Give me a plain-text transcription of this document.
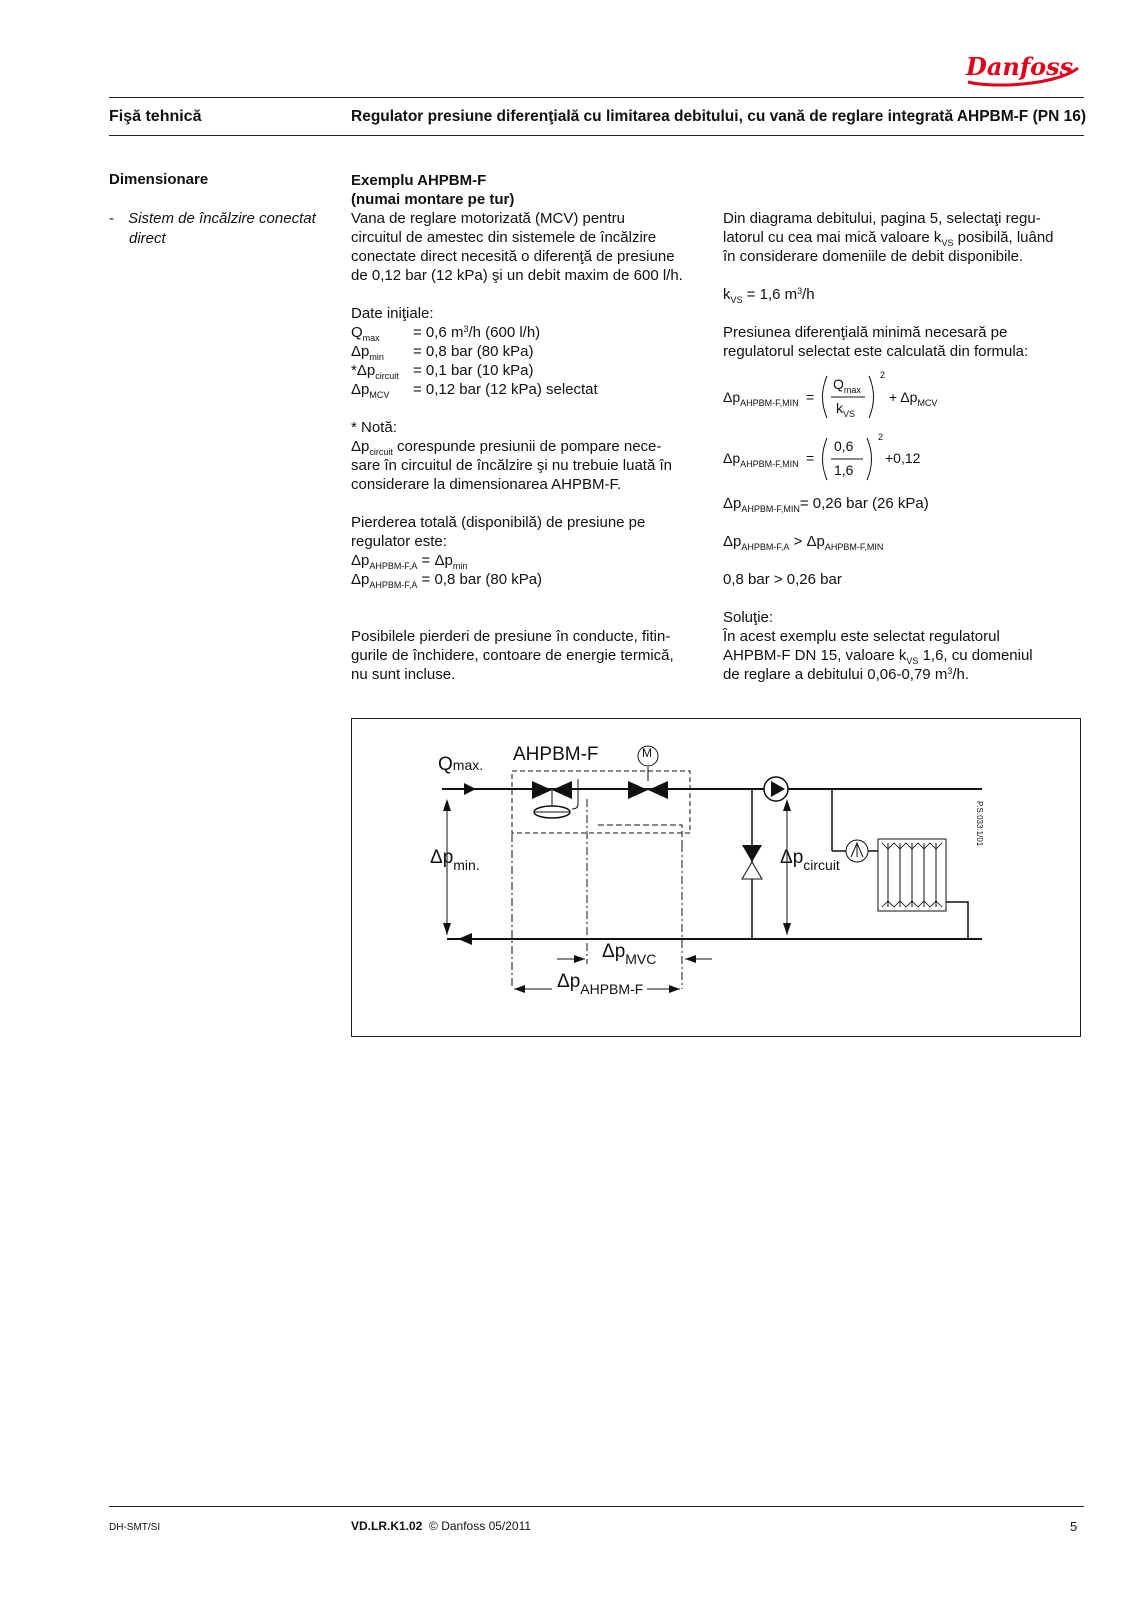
Danfoss
Fişă tehnică	Regulator presiune diferenţială cu limitarea debitului, cu vană de reglare integrată AHPBM-F (PN 16)
Dimensionare
- Sistem de încălzire conectat
direct
Exemplu AHPBM-F
(numai montare pe tur)
Vana de reglare motorizată (MCV) pentru
circuitul de amestec din sistemele de încălzire
conectate direct necesită o diferenţă de presiune
de 0,12 bar (12 kPa) şi un debit maxim de 600 l/h.
Date iniţiale:
$Q_{max} = 0,6$ $m^3/h$ (600 l/h)
$\Delta p_{min} = 0,8$ bar (80 kPa)
$*\Delta p_{circuit} = 0,1$ bar (10 kPa)
$\Delta p_{MCV} = 0,12$ bar (12 kPa) selectat
* Notă:
$\Delta p_{circuit}$ corespunde presiunii de pompare nece-
sare în circuitul de încălzire şi nu trebuie luată în
considerare la dimensionarea AHPBM-F.
Pierderea totală (disponibilă) de presiune pe
regulator este:
$\Delta p_{AHPBM-F,A} = \Delta p_{min}$
$\Delta p_{AHPBM-F,A} = 0,8$ bar (80 kPa)
Posibilele pierderi de presiune în conducte, fitin-
gurile de închidere, contoare de energie termică,
nu sunt incluse.
Din diagrama debitului, pagina 5, selectaţi regu-
latorul cu cea mai mică valoare $k_{VS}$ posibilă, luând
în considerare domeniile de debit disponibile.
$k_{VS} = 1,6$ $m^3/h$
Presiunea diferenţială minimă necesară pe
regulatorul selectat este calculată din formula:
$\Delta p_{AHPBM-F,MIN}$ =
$Q_{max}$
$k_{VS}$
2
+ $\Delta p_{MCV}$
$\Delta p_{AHPBM-F,MIN}$ =
0,6
1,6
2
+0,12
$\Delta p_{AHPBM-F,MIN}= 0,26$ bar (26 kPa)
$\Delta p_{AHPBM-F,A} > \Delta p_{AHPBM-F,MIN}$
0,8 bar > 0,26 bar
Soluţie:
În acest exemplu este selectat regulatorul
AHPBM-F DN 15, valoare $k_{VS}$ 1,6, cu domeniul
de reglare a debitului 0,06-0,79 $m^3/h$.
AHPBM-F	M
Qmax.
$\Delta p_{min.}$	$\Delta p_{circuit}$
$\Delta p_{MVC}$
$\Delta p_{AHPBM-F}$
P.S.033.1/01
DH-SMT/SI	VD.LR.K1.02 © Danfoss 05/2011	5
